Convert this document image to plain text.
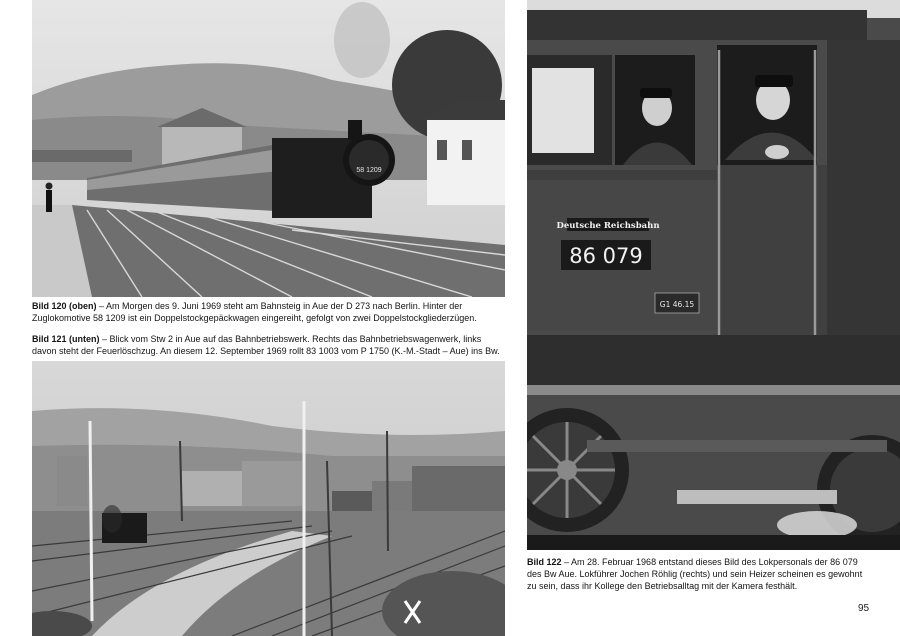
58 1209
Bild 120 (oben) – Am Morgen des 9. Juni 1969 steht am Bahnsteig in Aue der D 273 nach Berlin. Hinter der Zuglokomotive 58 1209 ist ein Doppelstockgepäckwagen eingereiht, gefolgt von zwei Doppelstockgliederzügen.
Bild 121 (unten) – Blick vom Stw 2 in Aue auf das Bahnbetriebswerk. Rechts das Bahnbetriebswagenwerk, links davon steht der Feuerlöschzug. An diesem 12. September 1969 rollt 83 1003 vom P 1750 (K.-M.-Stadt – Aue) ins Bw.
Deutsche Reichsbahn
86 079
G1 46.15
Bild 122 – Am 28. Februar 1968 entstand dieses Bild des Lokpersonals der 86 079 des Bw Aue. Lokführer Jochen Röhlig (rechts) und sein Heizer scheinen es gewohnt zu sein, dass ihr Kollege den Betriebsalltag mit der Kamera festhält.
95
